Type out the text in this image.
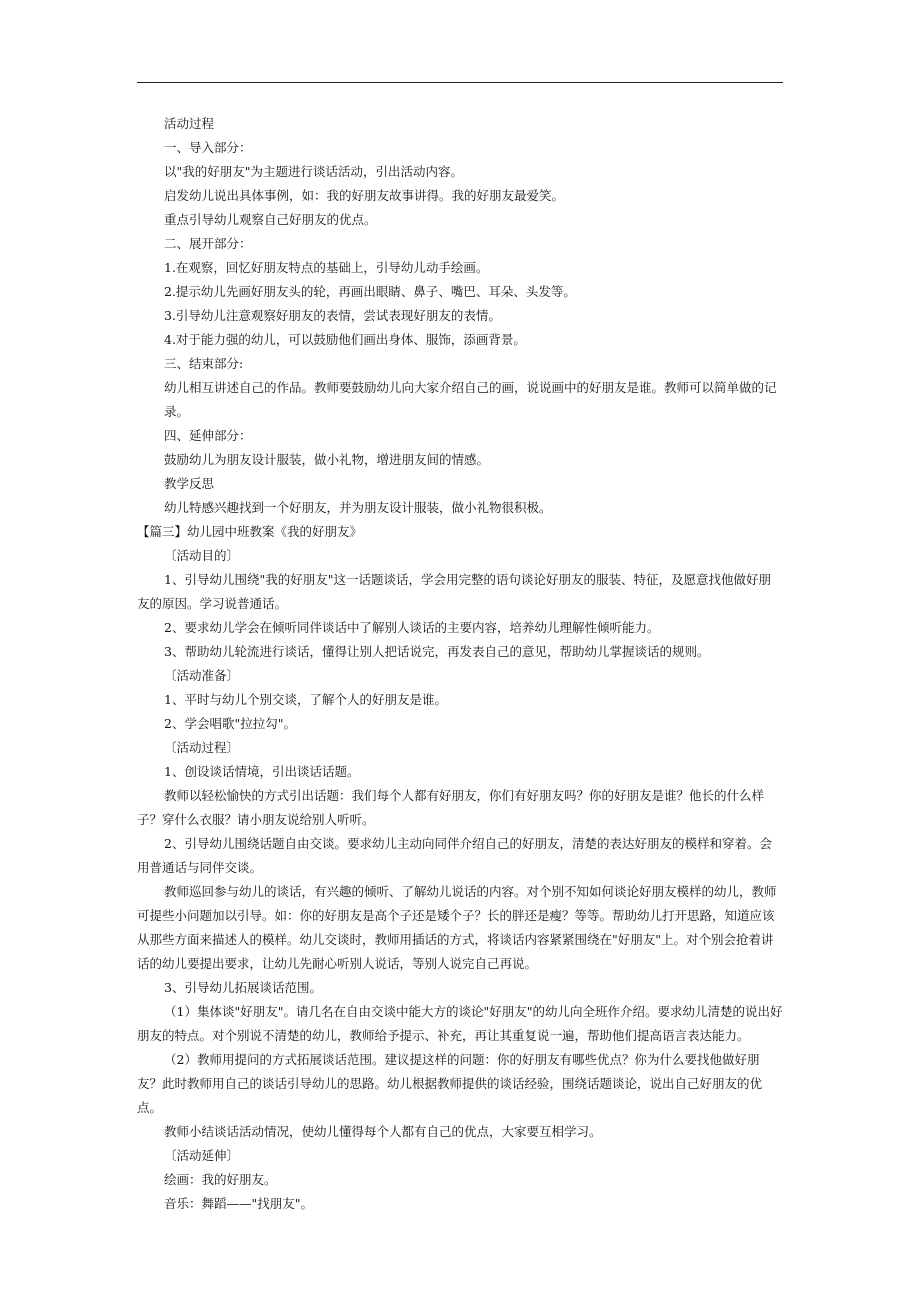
活动过程

一、导入部分：

以"我的好朋友"为主题进行谈话活动，引出活动内容。

启发幼儿说出具体事例，如：我的好朋友故事讲得。我的好朋友最爱笑。

重点引导幼儿观察自己好朋友的优点。

二、展开部分：

1.在观察，回忆好朋友特点的基础上，引导幼儿动手绘画。

2.提示幼儿先画好朋友头的轮，再画出眼睛、鼻子、嘴巴、耳朵、头发等。

3.引导幼儿注意观察好朋友的表情，尝试表现好朋友的表情。

4.对于能力强的幼儿，可以鼓励他们画出身体、服饰，添画背景。

三、结束部分:

幼儿相互讲述自己的作品。教师要鼓励幼儿向大家介绍自己的画，说说画中的好朋友是谁。教师可以简单做的记录。

四、延伸部分：

鼓励幼儿为朋友设计服装，做小礼物，增进朋友间的情感。

教学反思

幼儿特感兴趣找到一个好朋友，并为朋友设计服装，做小礼物很积极。

【篇三】幼儿园中班教案《我的好朋友》

〔活动目的〕

1、引导幼儿围绕"我的好朋友"这一话题谈话，学会用完整的语句谈论好朋友的服装、特征，及愿意找他做好朋友的原因。学习说普通话。

2、要求幼儿学会在倾听同伴谈话中了解别人谈话的主要内容，培养幼儿理解性倾听能力。

3、帮助幼儿轮流进行谈话，懂得让别人把话说完，再发表自己的意见，帮助幼儿掌握谈话的规则。

〔活动准备〕

1、平时与幼儿个别交谈，了解个人的好朋友是谁。

2、学会唱歌"拉拉勾"。

〔活动过程〕

1、创设谈话情境，引出谈话话题。

教师以轻松愉快的方式引出话题：我们每个人都有好朋友，你们有好朋友吗？你的好朋友是谁？他长的什么样子？穿什么衣服？请小朋友说给别人听听。

2、引导幼儿围绕话题自由交谈。要求幼儿主动向同伴介绍自己的好朋友，清楚的表达好朋友的模样和穿着。会用普通话与同伴交谈。

教师巡回参与幼儿的谈话，有兴趣的倾听、了解幼儿说话的内容。对个别不知如何谈论好朋友模样的幼儿，教师可提些小问题加以引导。如：你的好朋友是高个子还是矮个子？长的胖还是瘦？等等。帮助幼儿打开思路，知道应该从那些方面来描述人的模样。幼儿交谈时，教师用插话的方式，将谈话内容紧紧围绕在"好朋友"上。对个别会抢着讲话的幼儿要提出要求，让幼儿先耐心听别人说话，等别人说完自己再说。

3、引导幼儿拓展谈话范围。

（1）集体谈"好朋友"。请几名在自由交谈中能大方的谈论"好朋友"的幼儿向全班作介绍。要求幼儿清楚的说出好朋友的特点。对个别说不清楚的幼儿，教师给予提示、补充，再让其重复说一遍，帮助他们提高语言表达能力。

（2）教师用提问的方式拓展谈话范围。建议提这样的问题：你的好朋友有哪些优点？你为什么要找他做好朋友？此时教师用自己的谈话引导幼儿的思路。幼儿根据教师提供的谈话经验，围绕话题谈论，说出自己好朋友的优点。

教师小结谈话活动情况，使幼儿懂得每个人都有自己的优点，大家要互相学习。

〔活动延伸〕

绘画：我的好朋友。

音乐：舞蹈——"找朋友"。
